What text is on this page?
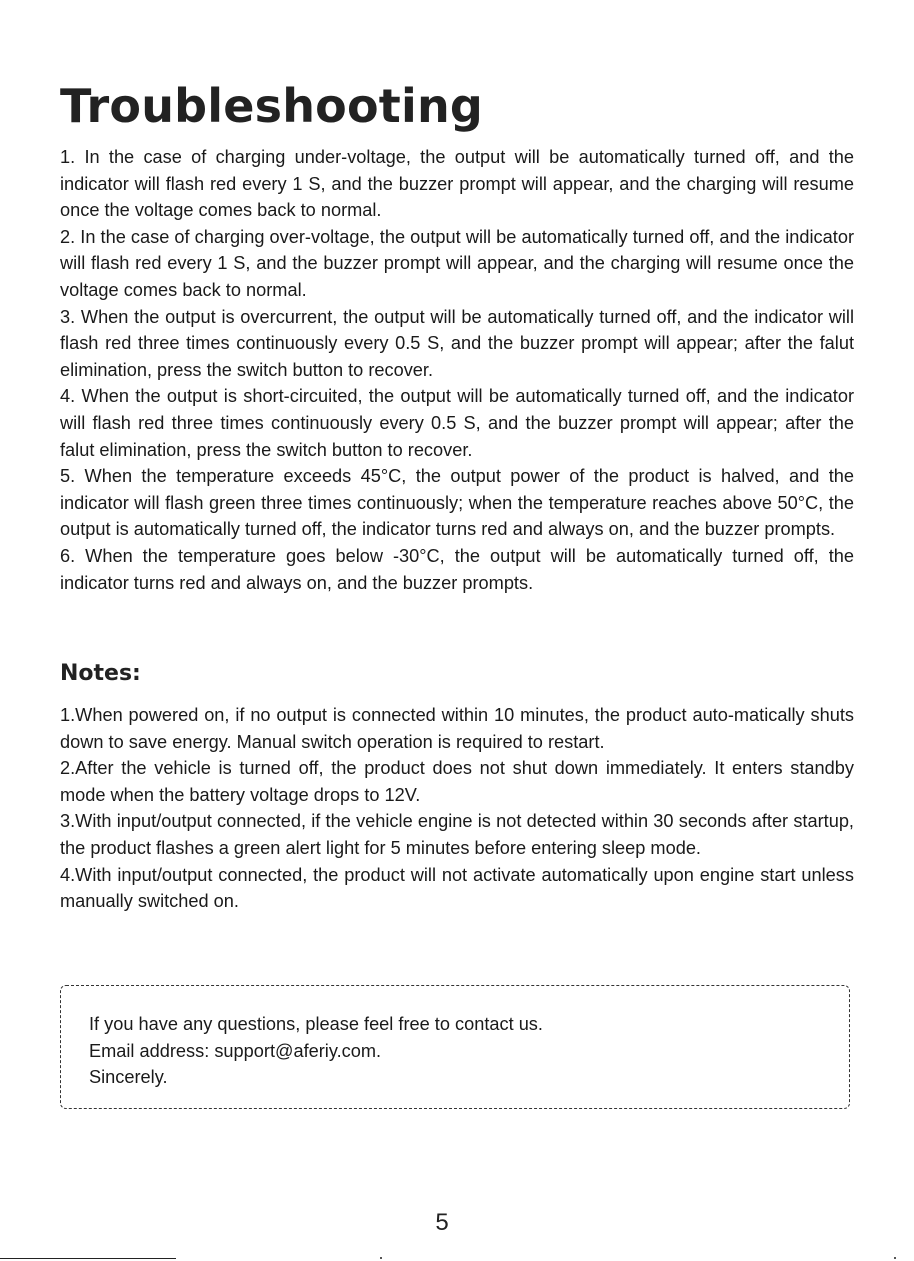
Troubleshooting

1. In the case of charging under-voltage, the output will be automatically turned off, and the indicator will flash red every 1 S, and the buzzer prompt will appear, and the charging will resume once the voltage comes back to normal.

2. In the case of charging over-voltage, the output will be automatically turned off, and the indicator will flash red every 1 S, and the buzzer prompt will appear, and the charging will resume once the voltage comes back to normal.

3. When the output is overcurrent, the output will be automatically turned off, and the indicator will flash red three times continuously every 0.5 S, and the buzzer prompt will appear; after the falut elimination, press the switch button to recover.

4. When the output is short-circuited, the output will be automatically turned off, and the indicator will flash red three times continuously every 0.5 S, and the buzzer prompt will appear; after the falut elimination, press the switch button to recover.

5. When the temperature exceeds 45°C, the output power of the product is halved, and the indicator will flash green three times continuously; when the temperature reaches above 50°C, the output is automatically turned off, the indicator turns red and always on, and the buzzer prompts.

6. When the temperature goes below -30°C, the output will be automatically turned off, the indicator turns red and always on, and the buzzer prompts.

Notes:

1.When powered on, if no output is connected within 10 minutes, the product auto-matically shuts down to save energy. Manual switch operation is required to restart.

2.After the vehicle is turned off, the product does not shut down immediately. It enters standby mode when the battery voltage drops to 12V.

3.With input/output connected, if the vehicle engine is not detected within 30 seconds after startup, the product flashes a green alert light for 5 minutes before entering sleep mode.

4.With input/output connected, the product will not activate automatically upon engine start unless manually switched on.

If you have any questions, please feel free to contact us.

Email address: support@aferiy.com.

Sincerely.

5
